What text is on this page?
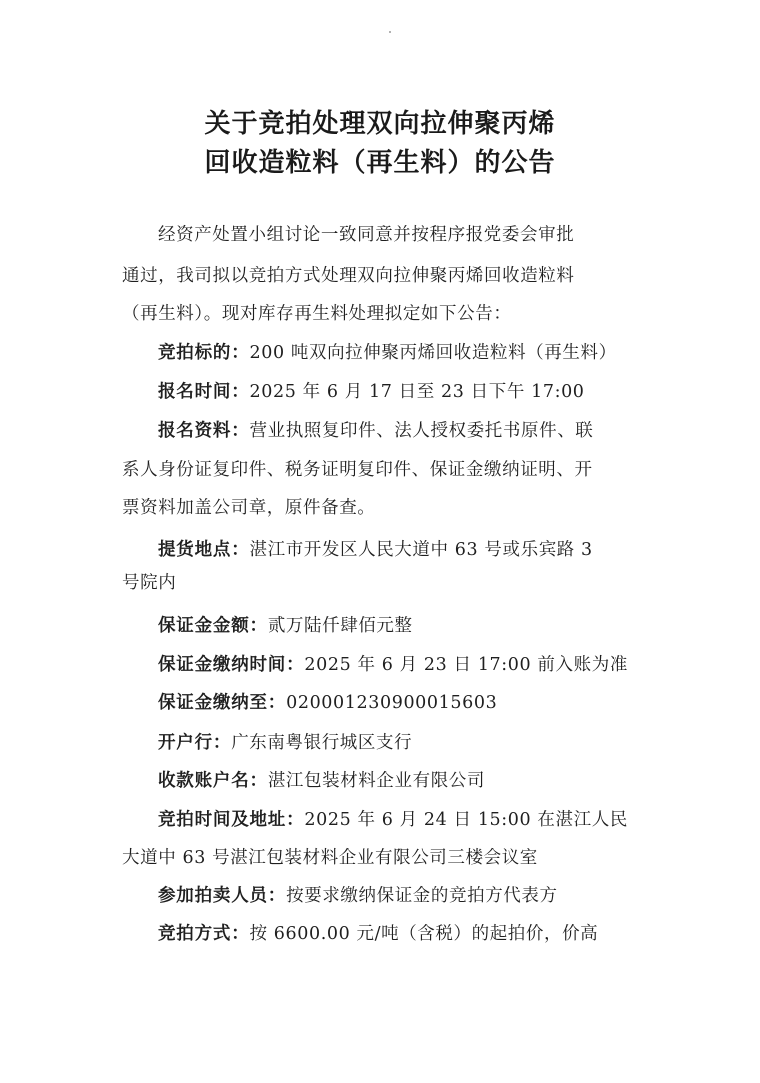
关于竞拍处理双向拉伸聚丙烯
回收造粒料（再生料）的公告
经资产处置小组讨论一致同意并按程序报党委会审批
通过，我司拟以竞拍方式处理双向拉伸聚丙烯回收造粒料
（再生料）。现对库存再生料处理拟定如下公告：
竞拍标的：200 吨双向拉伸聚丙烯回收造粒料（再生料）
报名时间：2025 年 6 月 17 日至 23 日下午 17:00
报名资料：营业执照复印件、法人授权委托书原件、联
系人身份证复印件、税务证明复印件、保证金缴纳证明、开
票资料加盖公司章，原件备查。
提货地点：湛江市开发区人民大道中 63 号或乐宾路 3
号院内
保证金金额：贰万陆仟肆佰元整
保证金缴纳时间：2025 年 6 月 23 日 17:00 前入账为准
保证金缴纳至：020001230900015603
开户行：广东南粤银行城区支行
收款账户名：湛江包装材料企业有限公司
竞拍时间及地址：2025 年 6 月 24 日 15:00 在湛江人民
大道中 63 号湛江包装材料企业有限公司三楼会议室
参加拍卖人员：按要求缴纳保证金的竞拍方代表方
竞拍方式：按 6600.00 元/吨（含税）的起拍价，价高
